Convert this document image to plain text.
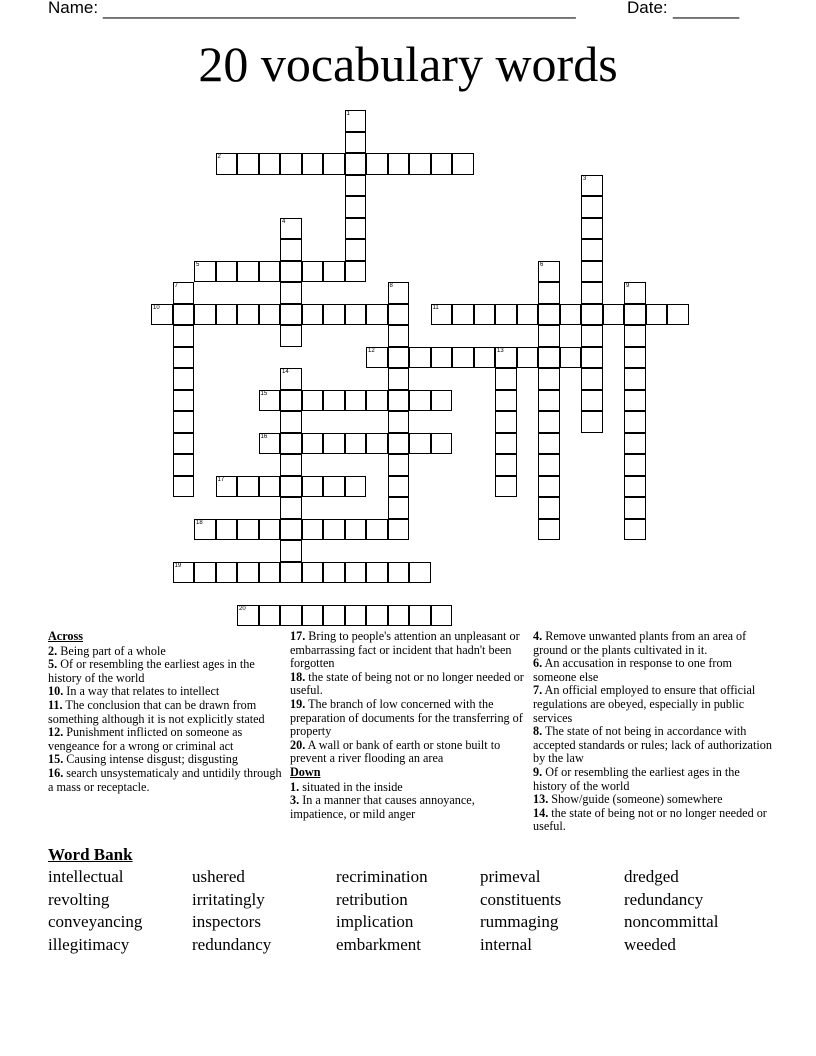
Name: __________________________________________________	Date: _______
20 vocabulary words
1
2
3
4
5	6
7	8	9
10	11
12	13
14
15
16
17
18
19
20
Across
2. Being part of a whole
5. Of or resembling the earliest ages in the history of the world
10. In a way that relates to intellect
11. The conclusion that can be drawn from something although it is not explicitly stated
12. Punishment inflicted on someone as vengeance for a wrong or criminal act
15. Causing intense disgust; disgusting
16. search unsystematicaly and untidily through a mass or receptacle.
17. Bring to people's attention an unpleasant or embarrassing fact or incident that hadn't been forgotten
18. the state of being not or no longer needed or useful.
19. The branch of low concerned with the preparation of documents for the transferring of property
20. A wall or bank of earth or stone built to prevent a river flooding an area
Down
1. situated in the inside
3. In a manner that causes annoyance, impatience, or mild anger
4. Remove unwanted plants from an area of ground or the plants cultivated in it.
6. An accusation in response to one from someone else
7. An official employed to ensure that official regulations are obeyed, especially in public services
8. The state of not being in accordance with accepted standards or rules; lack of authorization by the law
9. Of or resembling the earliest ages in the history of the world
13. Show/guide (someone) somewhere
14. the state of being not or no longer needed or useful.
Word Bank
intellectual	ushered	recrimination	primeval	dredged
revolting	irritatingly	retribution	constituents	redundancy
conveyancing	inspectors	implication	rummaging	noncommittal
illegitimacy	redundancy	embarkment	internal	weeded
